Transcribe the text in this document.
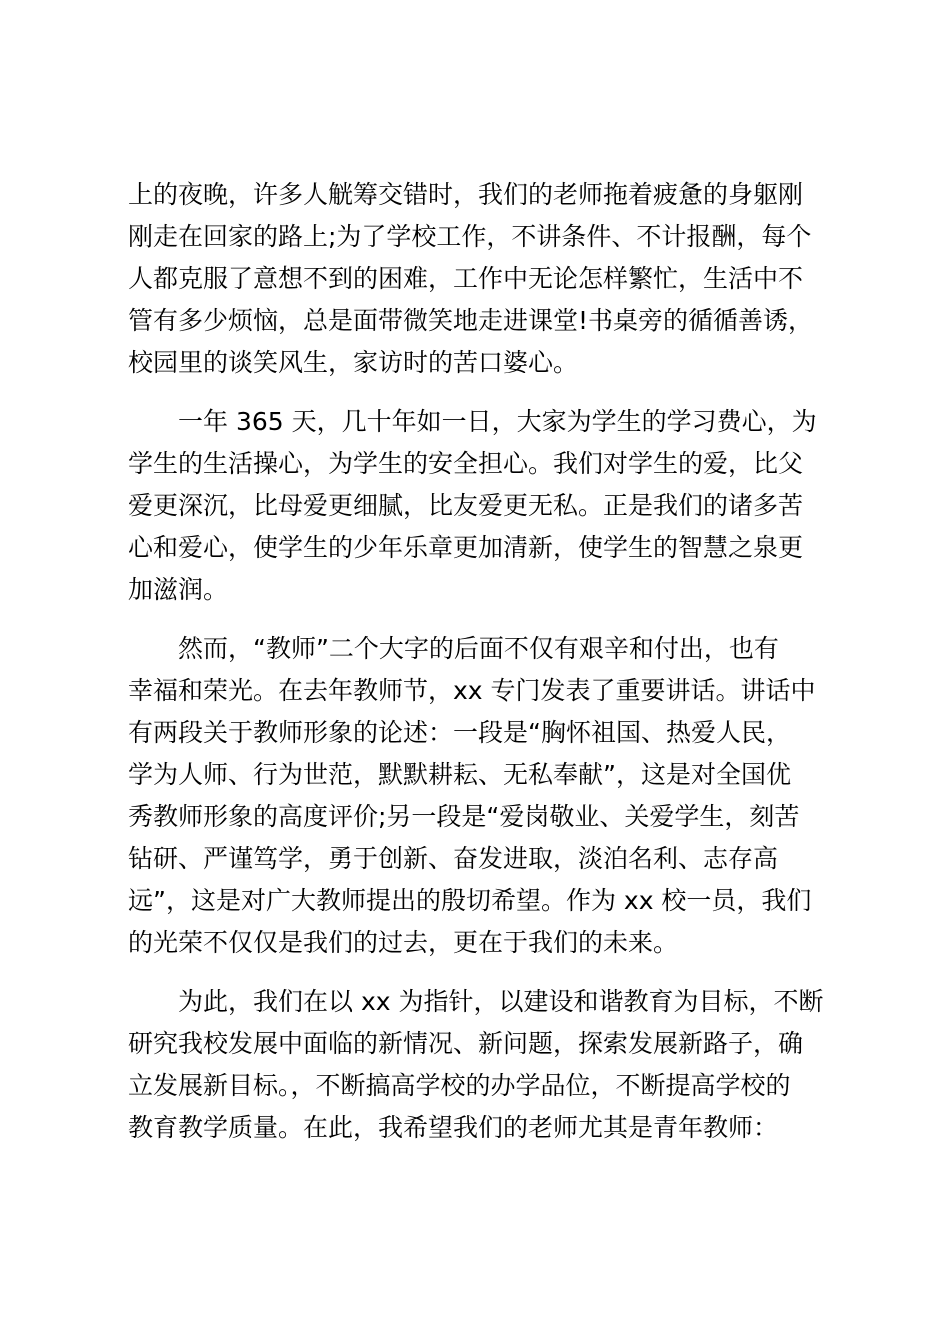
上的夜晚，许多人觥筹交错时，我们的老师拖着疲惫的身躯刚
刚走在回家的路上;为了学校工作，不讲条件、不计报酬，每个
人都克服了意想不到的困难，工作中无论怎样繁忙，生活中不
管有多少烦恼，总是面带微笑地走进课堂!书桌旁的循循善诱，
校园里的谈笑风生，家访时的苦口婆心。
一年 365 天，几十年如一日，大家为学生的学习费心，为
学生的生活操心，为学生的安全担心。我们对学生的爱，比父
爱更深沉，比母爱更细腻，比友爱更无私。正是我们的诸多苦
心和爱心，使学生的少年乐章更加清新，使学生的智慧之泉更
加滋润。
然而，“教师”二个大字的后面不仅有艰辛和付出，也有
幸福和荣光。在去年教师节，xx 专门发表了重要讲话。讲话中
有两段关于教师形象的论述：一段是“胸怀祖国、热爱人民，
学为人师、行为世范，默默耕耘、无私奉献”，这是对全国优
秀教师形象的高度评价;另一段是“爱岗敬业、关爱学生，刻苦
钻研、严谨笃学，勇于创新、奋发进取，淡泊名利、志存高
远”，这是对广大教师提出的殷切希望。作为 xx 校一员，我们
的光荣不仅仅是我们的过去，更在于我们的未来。
为此，我们在以 xx 为指针，以建设和谐教育为目标，不断
研究我校发展中面临的新情况、新问题，探索发展新路子，确
立发展新目标。，不断搞高学校的办学品位，不断提高学校的
教育教学质量。在此，我希望我们的老师尤其是青年教师：
